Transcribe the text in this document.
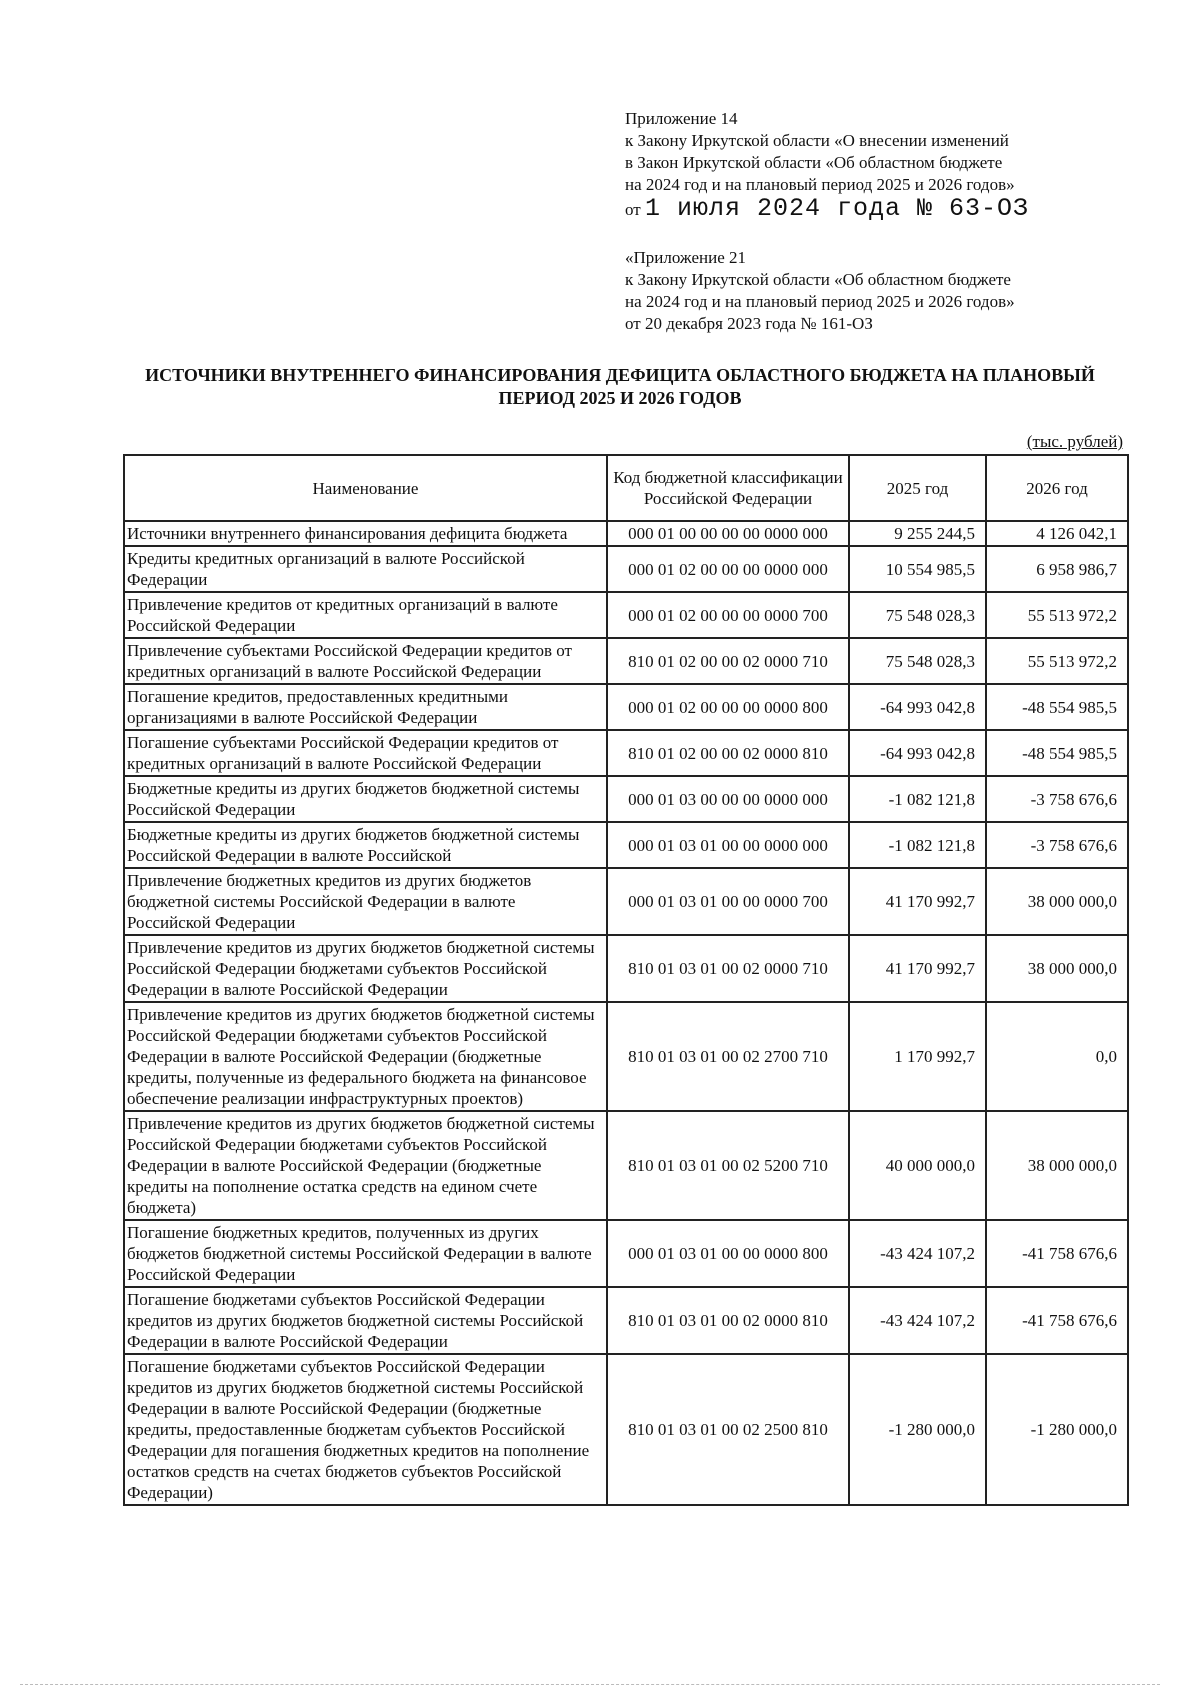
Приложение 14
к Закону Иркутской области «О внесении изменений
в Закон Иркутской области «Об областном бюджете
на 2024 год и на плановый период 2025 и 2026 годов»
от 1 июля 2024 года № 63-ОЗ
«Приложение 21
к Закону Иркутской области «Об областном бюджете
на 2024 год и на плановый период 2025 и 2026 годов»
от 20 декабря 2023 года № 161-ОЗ
ИСТОЧНИКИ ВНУТРЕННЕГО ФИНАНСИРОВАНИЯ ДЕФИЦИТА ОБЛАСТНОГО БЮДЖЕТА НА ПЛАНОВЫЙ
ПЕРИОД 2025 И 2026 ГОДОВ
(тыс. рублей)
Наименование	Код бюджетной классификации Российской Федерации	2025 год	2026 год
Источники внутреннего финансирования дефицита бюджета	000 01 00 00 00 00 0000 000	9 255 244,5	4 126 042,1
Кредиты кредитных организаций в валюте Российской Федерации	000 01 02 00 00 00 0000 000	10 554 985,5	6 958 986,7
Привлечение кредитов от кредитных организаций в валюте Российской Федерации	000 01 02 00 00 00 0000 700	75 548 028,3	55 513 972,2
Привлечение субъектами Российской Федерации кредитов от кредитных организаций в валюте Российской Федерации	810 01 02 00 00 02 0000 710	75 548 028,3	55 513 972,2
Погашение кредитов, предоставленных кредитными организациями в валюте Российской Федерации	000 01 02 00 00 00 0000 800	-64 993 042,8	-48 554 985,5
Погашение субъектами Российской Федерации кредитов от кредитных организаций в валюте Российской Федерации	810 01 02 00 00 02 0000 810	-64 993 042,8	-48 554 985,5
Бюджетные кредиты из других бюджетов бюджетной системы Российской Федерации	000 01 03 00 00 00 0000 000	-1 082 121,8	-3 758 676,6
Бюджетные кредиты из других бюджетов бюджетной системы Российской Федерации в валюте Российской	000 01 03 01 00 00 0000 000	-1 082 121,8	-3 758 676,6
Привлечение бюджетных кредитов из других бюджетов бюджетной системы Российской Федерации в валюте Российской Федерации	000 01 03 01 00 00 0000 700	41 170 992,7	38 000 000,0
Привлечение кредитов из других бюджетов бюджетной системы Российской Федерации бюджетами субъектов Российской Федерации в валюте Российской Федерации	810 01 03 01 00 02 0000 710	41 170 992,7	38 000 000,0
Привлечение кредитов из других бюджетов бюджетной системы Российской Федерации бюджетами субъектов Российской Федерации в валюте Российской Федерации (бюджетные кредиты, полученные из федерального бюджета на финансовое обеспечение реализации инфраструктурных проектов)	810 01 03 01 00 02 2700 710	1 170 992,7	0,0
Привлечение кредитов из других бюджетов бюджетной системы Российской Федерации бюджетами субъектов Российской Федерации в валюте Российской Федерации (бюджетные кредиты на пополнение остатка средств на едином счете бюджета)	810 01 03 01 00 02 5200 710	40 000 000,0	38 000 000,0
Погашение бюджетных кредитов, полученных из других бюджетов бюджетной системы Российской Федерации в валюте Российской Федерации	000 01 03 01 00 00 0000 800	-43 424 107,2	-41 758 676,6
Погашение бюджетами субъектов Российской Федерации кредитов из других бюджетов бюджетной системы Российской Федерации в валюте Российской Федерации	810 01 03 01 00 02 0000 810	-43 424 107,2	-41 758 676,6
Погашение бюджетами субъектов Российской Федерации кредитов из других бюджетов бюджетной системы Российской Федерации в валюте Российской Федерации (бюджетные кредиты, предоставленные бюджетам субъектов Российской Федерации для погашения бюджетных кредитов на пополнение остатков средств на счетах бюджетов субъектов Российской Федерации)	810 01 03 01 00 02 2500 810	-1 280 000,0	-1 280 000,0
